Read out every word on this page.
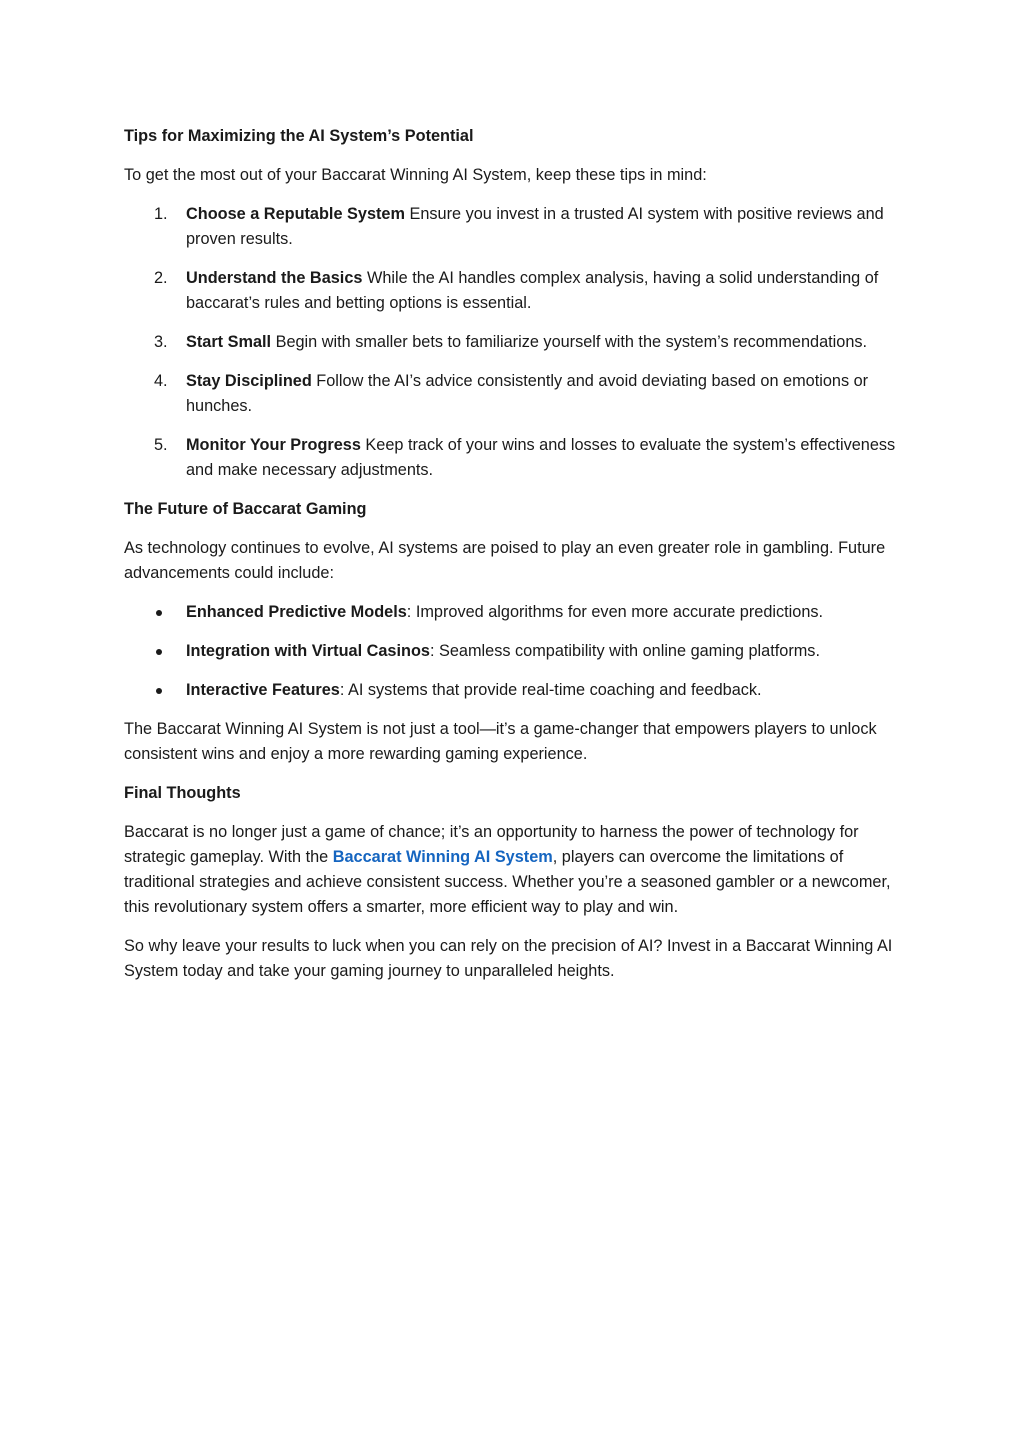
Tips for Maximizing the AI System’s Potential

To get the most out of your Baccarat Winning AI System, keep these tips in mind:

1. Choose a Reputable System Ensure you invest in a trusted AI system with positive reviews and proven results.
2. Understand the Basics While the AI handles complex analysis, having a solid understanding of baccarat’s rules and betting options is essential.
3. Start Small Begin with smaller bets to familiarize yourself with the system’s recommendations.
4. Stay Disciplined Follow the AI’s advice consistently and avoid deviating based on emotions or hunches.
5. Monitor Your Progress Keep track of your wins and losses to evaluate the system’s effectiveness and make necessary adjustments.

The Future of Baccarat Gaming

As technology continues to evolve, AI systems are poised to play an even greater role in gambling. Future advancements could include:

Enhanced Predictive Models: Improved algorithms for even more accurate predictions.
Integration with Virtual Casinos: Seamless compatibility with online gaming platforms.
Interactive Features: AI systems that provide real-time coaching and feedback.

The Baccarat Winning AI System is not just a tool—it’s a game-changer that empowers players to unlock consistent wins and enjoy a more rewarding gaming experience.

Final Thoughts

Baccarat is no longer just a game of chance; it’s an opportunity to harness the power of technology for strategic gameplay. With the Baccarat Winning AI System, players can overcome the limitations of traditional strategies and achieve consistent success. Whether you’re a seasoned gambler or a newcomer, this revolutionary system offers a smarter, more efficient way to play and win.

So why leave your results to luck when you can rely on the precision of AI? Invest in a Baccarat Winning AI System today and take your gaming journey to unparalleled heights.
